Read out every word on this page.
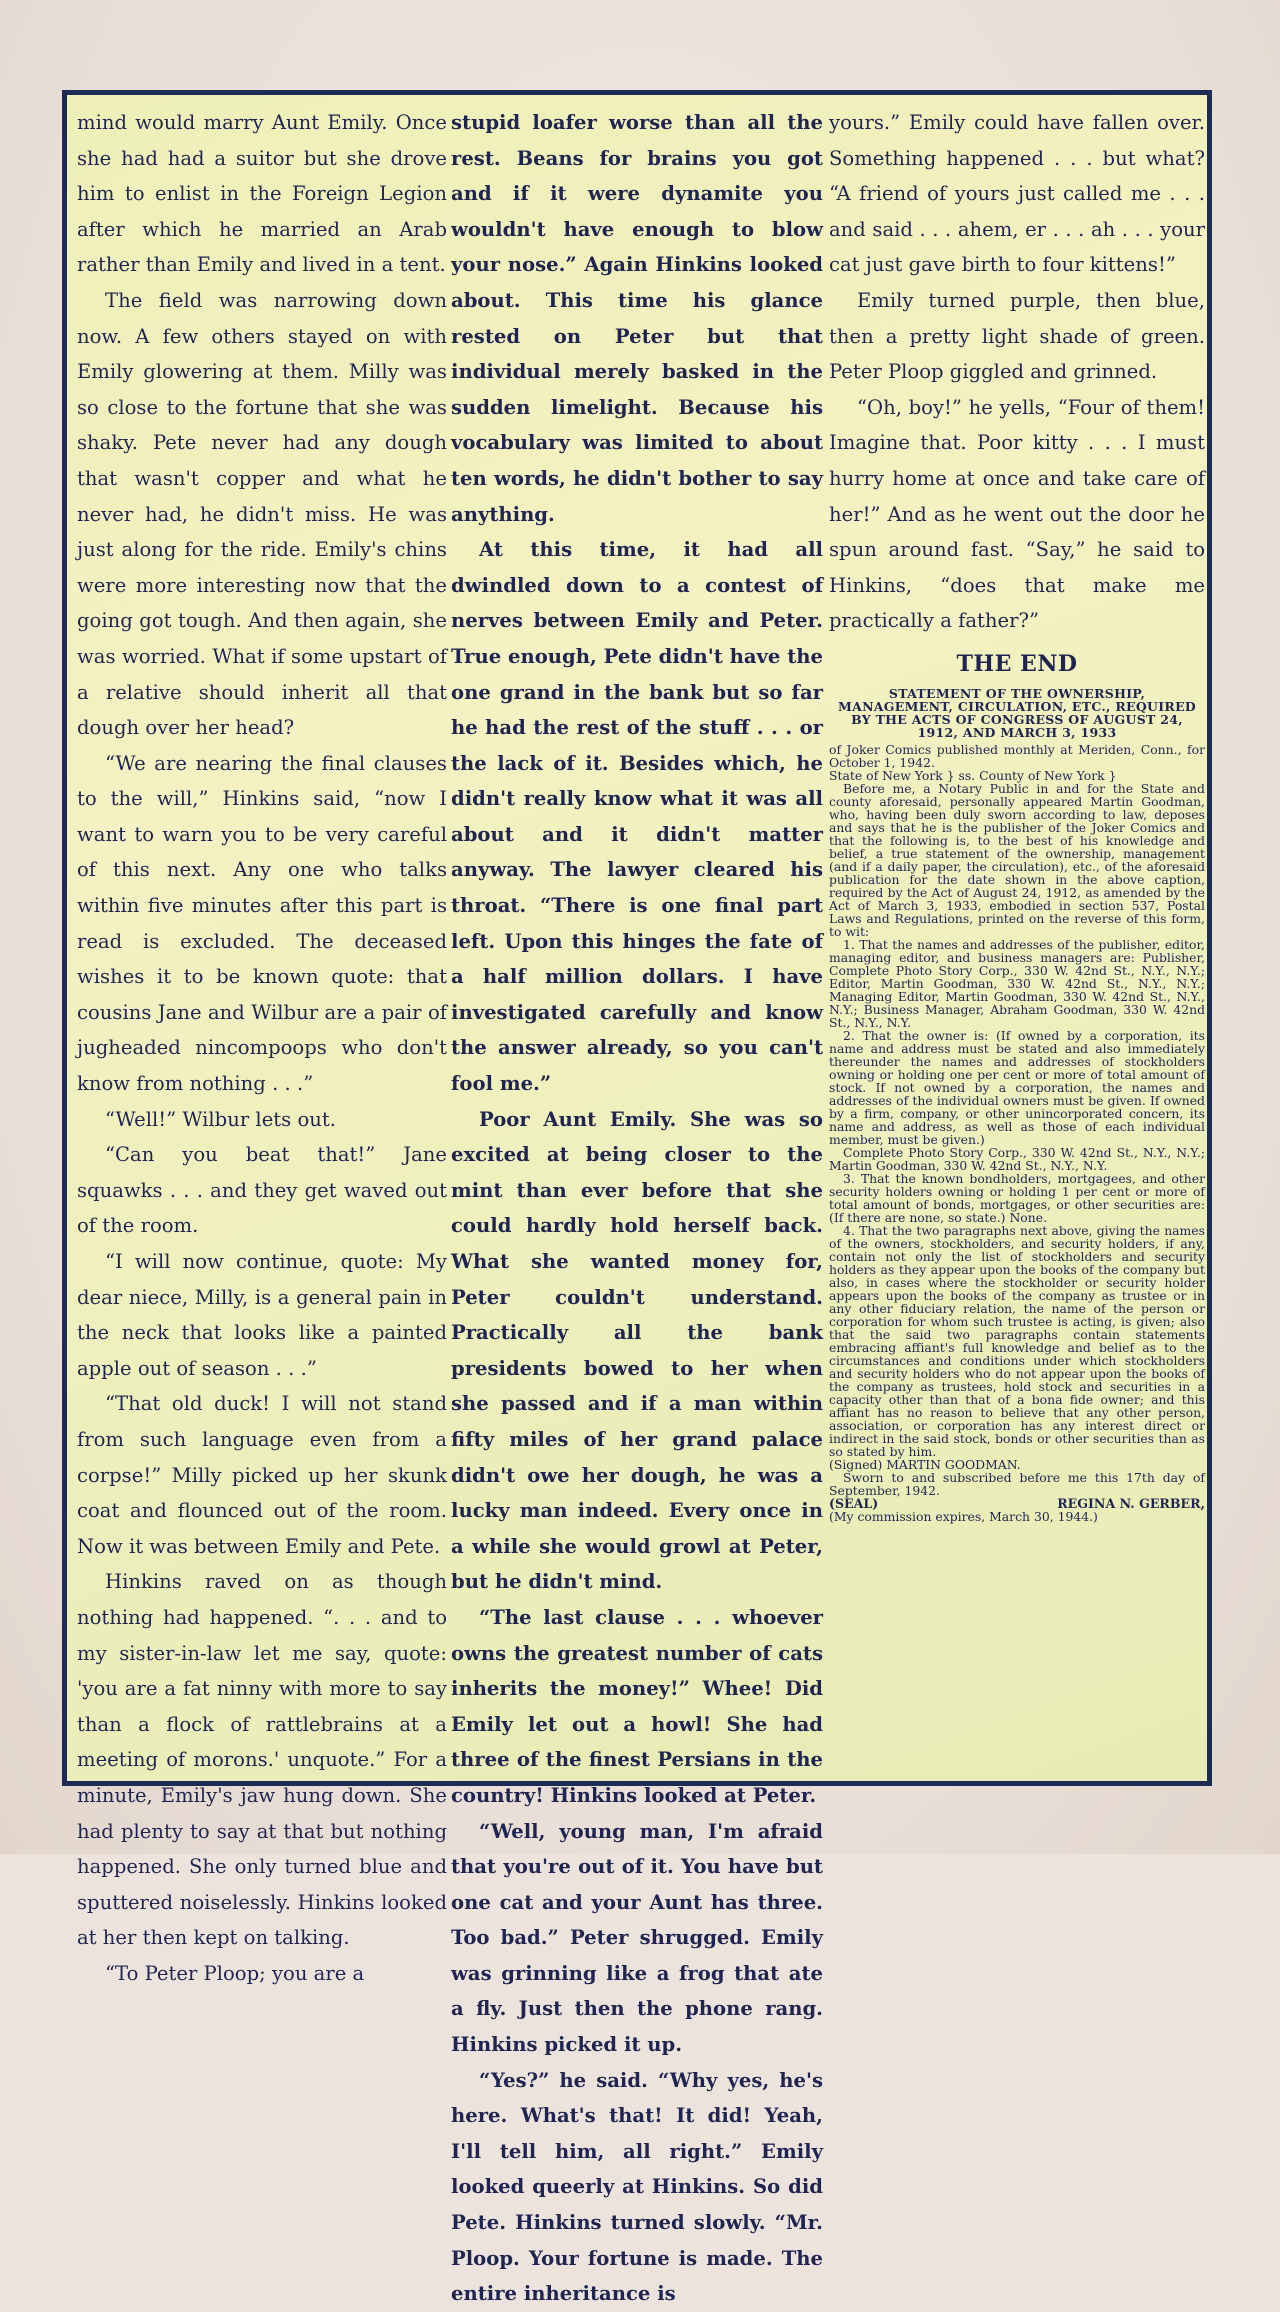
mind would marry Aunt Emily. Once she had had a suitor but she drove him to enlist in the Foreign Legion after which he married an Arab rather than Emily and lived in a tent.

The field was narrowing down now. A few others stayed on with Emily glowering at them. Milly was so close to the fortune that she was shaky. Pete never had any dough that wasn't copper and what he never had, he didn't miss. He was just along for the ride. Emily's chins were more interesting now that the going got tough. And then again, she was worried. What if some upstart of a relative should inherit all that dough over her head?

“We are nearing the final clauses to the will,” Hinkins said, “now I want to warn you to be very careful of this next. Any one who talks within five minutes after this part is read is excluded. The deceased wishes it to be known quote: that cousins Jane and Wilbur are a pair of jugheaded nincompoops who don't know from nothing . . .”

“Well!” Wilbur lets out.

“Can you beat that!” Jane squawks . . . and they get waved out of the room.

“I will now continue, quote: My dear niece, Milly, is a general pain in the neck that looks like a painted apple out of season . . .”

“That old duck! I will not stand from such language even from a corpse!” Milly picked up her skunk coat and flounced out of the room. Now it was between Emily and Pete.

Hinkins raved on as though nothing had happened. “. . . and to my sister-in-law let me say, quote: 'you are a fat ninny with more to say than a flock of rattlebrains at a meeting of morons.' unquote.” For a minute, Emily's jaw hung down. She had plenty to say at that but nothing happened. She only turned blue and sputtered noiselessly. Hinkins looked at her then kept on talking.

“To Peter Ploop; you are a

stupid loafer worse than all the rest. Beans for brains you got and if it were dynamite you wouldn't have enough to blow your nose.” Again Hinkins looked about. This time his glance rested on Peter but that individual merely basked in the sudden limelight. Because his vocabulary was limited to about ten words, he didn't bother to say anything.

At this time, it had all dwindled down to a contest of nerves between Emily and Peter. True enough, Pete didn't have the one grand in the bank but so far he had the rest of the stuff . . . or the lack of it. Besides which, he didn't really know what it was all about and it didn't matter anyway. The lawyer cleared his throat. “There is one final part left. Upon this hinges the fate of a half million dollars. I have investigated carefully and know the answer already, so you can't fool me.”

Poor Aunt Emily. She was so excited at being closer to the mint than ever before that she could hardly hold herself back. What she wanted money for, Peter couldn't understand. Practically all the bank presidents bowed to her when she passed and if a man within fifty miles of her grand palace didn't owe her dough, he was a lucky man indeed. Every once in a while she would growl at Peter, but he didn't mind.

“The last clause . . . whoever owns the greatest number of cats inherits the money!” Whee! Did Emily let out a howl! She had three of the finest Persians in the country! Hinkins looked at Peter.

“Well, young man, I'm afraid that you're out of it. You have but one cat and your Aunt has three. Too bad.” Peter shrugged. Emily was grinning like a frog that ate a fly. Just then the phone rang. Hinkins picked it up.

“Yes?” he said. “Why yes, he's here. What's that! It did! Yeah, I'll tell him, all right.” Emily looked queerly at Hinkins. So did Pete. Hinkins turned slowly. “Mr. Ploop. Your fortune is made. The entire inheritance is

yours.” Emily could have fallen over. Something happened . . . but what? “A friend of yours just called me . . . and said . . . ahem, er . . . ah . . . your cat just gave birth to four kittens!”

Emily turned purple, then blue, then a pretty light shade of green. Peter Ploop giggled and grinned.

“Oh, boy!” he yells, “Four of them! Imagine that. Poor kitty . . . I must hurry home at once and take care of her!” And as he went out the door he spun around fast. “Say,” he said to Hinkins, “does that make me practically a father?”

THE END
STATEMENT OF THE OWNERSHIP, MANAGEMENT, CIRCULATION, ETC., REQUIRED BY THE ACTS OF CONGRESS OF AUGUST 24, 1912, AND MARCH 3, 1933

of Joker Comics published monthly at Meriden, Conn., for October 1, 1942.

State of New York } ss. County of New York }

Before me, a Notary Public in and for the State and county aforesaid, personally appeared Martin Goodman, who, having been duly sworn according to law, deposes and says that he is the publisher of the Joker Comics and that the following is, to the best of his knowledge and belief, a true statement of the ownership, management (and if a daily paper, the circulation), etc., of the aforesaid publication for the date shown in the above caption, required by the Act of August 24, 1912, as amended by the Act of March 3, 1933, embodied in section 537, Postal Laws and Regulations, printed on the reverse of this form, to wit:

1. That the names and addresses of the publisher, editor, managing editor, and business managers are: Publisher, Complete Photo Story Corp., 330 W. 42nd St., N.Y., N.Y.; Editor, Martin Goodman, 330 W. 42nd St., N.Y., N.Y.; Managing Editor, Martin Goodman, 330 W. 42nd St., N.Y., N.Y.; Business Manager, Abraham Goodman, 330 W. 42nd St., N.Y., N.Y.

2. That the owner is: (If owned by a corporation, its name and address must be stated and also immediately thereunder the names and addresses of stockholders owning or holding one per cent or more of total amount of stock. If not owned by a corporation, the names and addresses of the individual owners must be given. If owned by a firm, company, or other unincorporated concern, its name and address, as well as those of each individual member, must be given.)

Complete Photo Story Corp., 330 W. 42nd St., N.Y., N.Y.; Martin Goodman, 330 W. 42nd St., N.Y., N.Y.

3. That the known bondholders, mortgagees, and other security holders owning or holding 1 per cent or more of total amount of bonds, mortgages, or other securities are: (If there are none, so state.) None.

4. That the two paragraphs next above, giving the names of the owners, stockholders, and security holders, if any, contain not only the list of stockholders and security holders as they appear upon the books of the company but also, in cases where the stockholder or security holder appears upon the books of the company as trustee or in any other fiduciary relation, the name of the person or corporation for whom such trustee is acting, is given; also that the said two paragraphs contain statements embracing affiant's full knowledge and belief as to the circumstances and conditions under which stockholders and security holders who do not appear upon the books of the company as trustees, hold stock and securities in a capacity other than that of a bona fide owner; and this affiant has no reason to believe that any other person, association, or corporation has any interest direct or indirect in the said stock, bonds or other securities than as so stated by him.

(Signed) MARTIN GOODMAN.

Sworn to and subscribed before me this 17th day of September, 1942.

(SEAL)	REGINA N. GERBER,

(My commission expires, March 30, 1944.)
